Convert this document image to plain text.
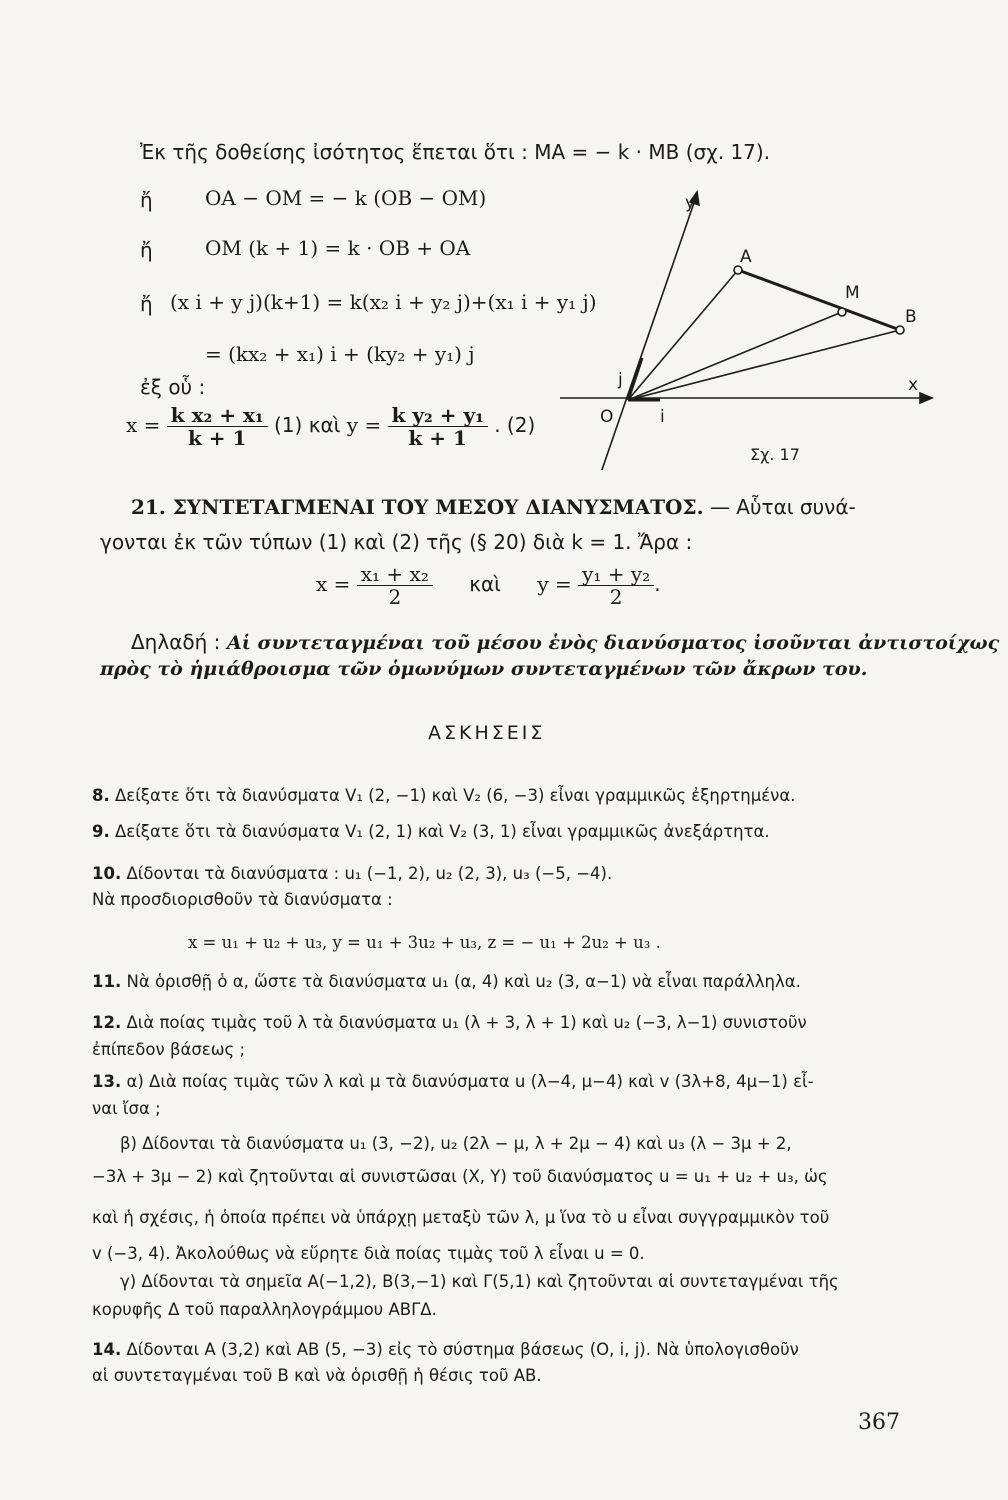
Ἐκ τῆς δοθείσης ἰσότητος ἕπεται ὅτι : MA = − k · MB (σχ. 17).
ἤ	OA − OM = − k (OB − OM)
ἤ	OM (k + 1) = k · OB + OA
ἤ (x i + y j)(k+1) = k(x₂ i + y₂ j)+(x₁ i + y₁ j)
= (kx₂ + x₁) i + (ky₂ + y₁) j
ἐξ οὗ :
$x = \frac{\text{k x₂ + x₁}}{k + 1} (1)$ καὶ $y = \frac{\text{k y₂ + y₁}}{k + 1}$ . (2)
y
A
M
B
x
O
j
i
Σχ. 17
21. ΣΥΝΤΕΤΑΓΜΕΝΑΙ ΤΟΥ ΜΕΣΟΥ ΔΙΑΝΥΣΜΑΤΟΣ. — Αὗται συνά-
γονται ἐκ τῶν τύπων (1) καὶ (2) τῆς (§ 20) διὰ k = 1. Ἄρα :
$x = \frac{\text{x₁ + x₂}}{2}$ καὶ $y = \frac{\text{y₁ + y₂}}{2}$ .
Δηλαδή : Αἱ συντεταγμέναι τοῦ μέσου ἑνὸς διανύσματος ἰσοῦνται ἀντιστοίχως
πρὸς τὸ ἡμιάθροισμα τῶν ὁμωνύμων συντεταγμένων τῶν ἄκρων του.
ΑΣΚΗΣΕΙΣ
8. Δείξατε ὅτι τὰ διανύσματα V₁ (2, −1) καὶ V₂ (6, −3) εἶναι γραμμικῶς ἐξηρτημένα.
9. Δείξατε ὅτι τὰ διανύσματα V₁ (2, 1) καὶ V₂ (3, 1) εἶναι γραμμικῶς ἀνεξάρτητα.
10. Δίδονται τὰ διανύσματα : u₁ (−1, 2), u₂ (2, 3), u₃ (−5, −4).
Νὰ προσδιορισθοῦν τὰ διανύσματα :
x = u₁ + u₂ + u₃, y = u₁ + 3u₂ + u₃, z = − u₁ + 2u₂ + u₃ .
11. Νὰ ὁρισθῇ ὁ α, ὥστε τὰ διανύσματα u₁ (α, 4) καὶ u₂ (3, α−1) νὰ εἶναι παράλληλα.
12. Διὰ ποίας τιμὰς τοῦ λ τὰ διανύσματα u₁ (λ + 3, λ + 1) καὶ u₂ (−3, λ−1) συνιστοῦν
ἐπίπεδον βάσεως ;
13. α) Διὰ ποίας τιμὰς τῶν λ καὶ μ τὰ διανύσματα u (λ−4, μ−4) καὶ v (3λ+8, 4μ−1) εἶ-
ναι ἴσα ;
β) Δίδονται τὰ διανύσματα u₁ (3, −2), u₂ (2λ − μ, λ + 2μ − 4) καὶ u₃ (λ − 3μ + 2,
−3λ + 3μ − 2) καὶ ζητοῦνται αἱ συνιστῶσαι (X, Y) τοῦ διανύσματος u = u₁ + u₂ + u₃, ὡς
καὶ ἡ σχέσις, ἡ ὁποία πρέπει νὰ ὑπάρχῃ μεταξὺ τῶν λ, μ ἵνα τὸ u εἶναι συγγραμμικὸν τοῦ
v (−3, 4). Ἀκολούθως νὰ εὕρητε διὰ ποίας τιμὰς τοῦ λ εἶναι u = 0.
γ) Δίδονται τὰ σημεῖα A(−1,2), B(3,−1) καὶ Γ(5,1) καὶ ζητοῦνται αἱ συντεταγμέναι τῆς
κορυφῆς Δ τοῦ παραλληλογράμμου ΑΒΓΔ.
14. Δίδονται A (3,2) καὶ AB (5, −3) εἰς τὸ σύστημα βάσεως (O, i, j). Νὰ ὑπολογισθοῦν
αἱ συντεταγμέναι τοῦ B καὶ νὰ ὁρισθῇ ἡ θέσις τοῦ AB.
367
